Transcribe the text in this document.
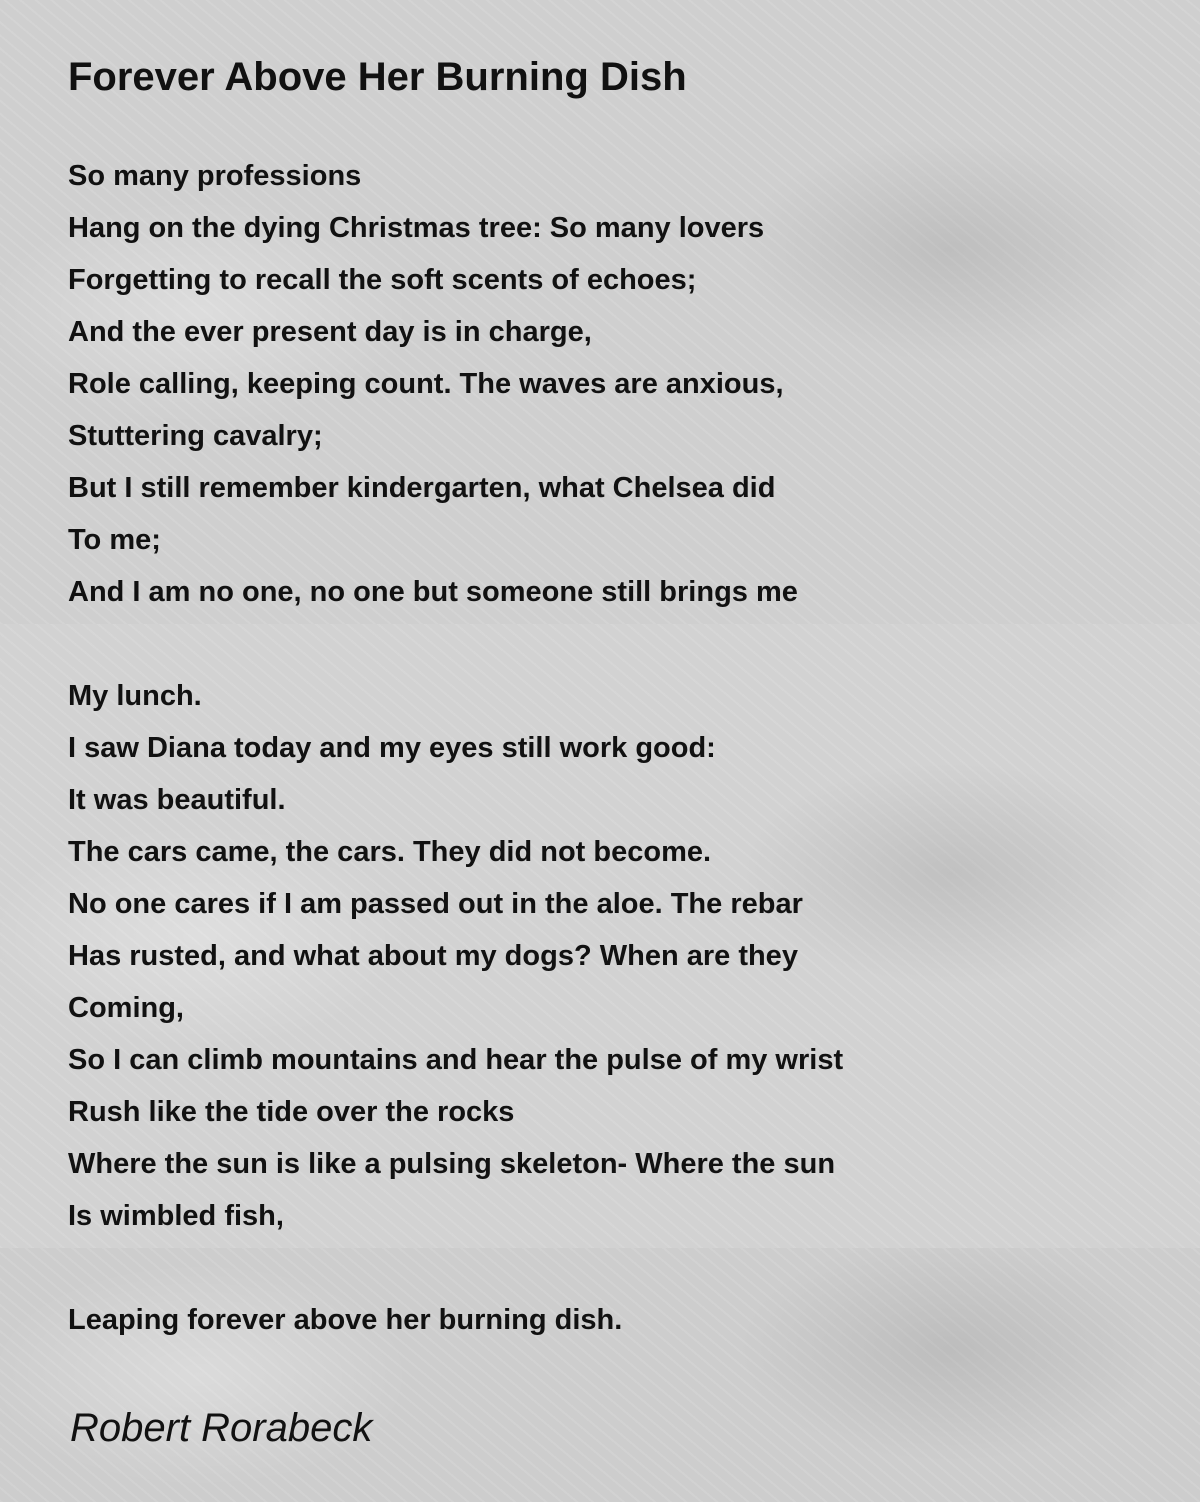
Forever Above Her Burning Dish
So many professions
Hang on the dying Christmas tree: So many lovers
Forgetting to recall the soft scents of echoes;
And the ever present day is in charge,
Role calling, keeping count. The waves are anxious,
Stuttering cavalry;
But I still remember kindergarten, what Chelsea did
To me;
And I am no one, no one but someone still brings me
My lunch.
I saw Diana today and my eyes still work good:
It was beautiful.
The cars came, the cars. They did not become.
No one cares if I am passed out in the aloe. The rebar
Has rusted, and what about my dogs? When are they
Coming,
So I can climb mountains and hear the pulse of my wrist
Rush like the tide over the rocks
Where the sun is like a pulsing skeleton- Where the sun
Is wimbled fish,
Leaping forever above her burning dish.

Robert Rorabeck
